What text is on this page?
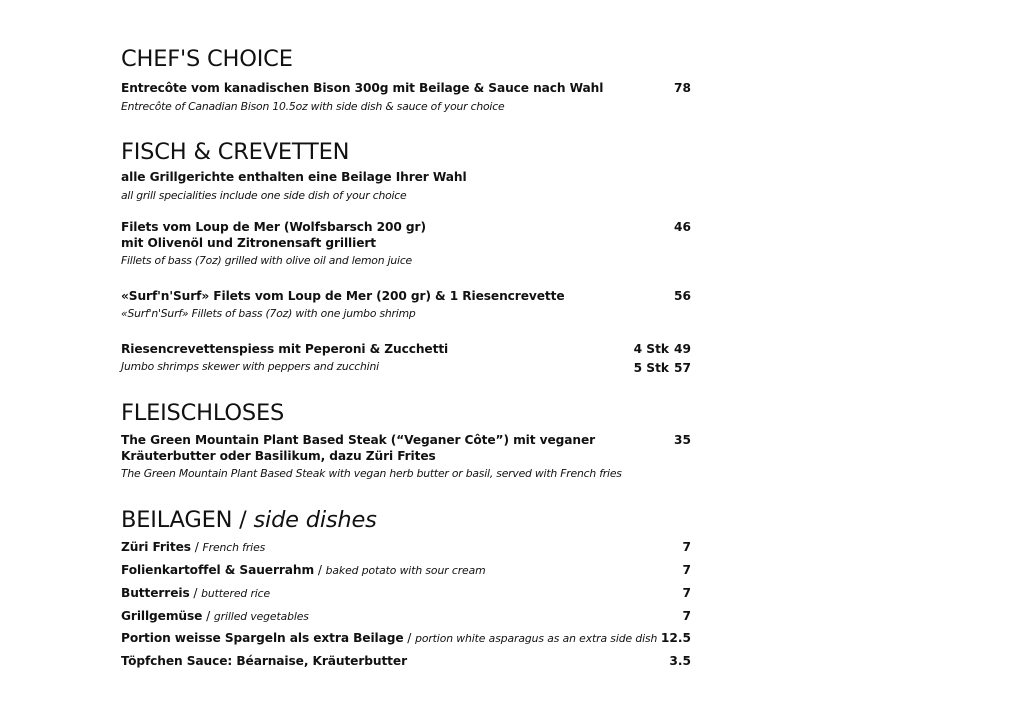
CHEF'S CHOICE
Entrecôte vom kanadischen Bison 300g mit Beilage & Sauce nach Wahl	78
Entrecôte of Canadian Bison 10.5oz with side dish & sauce of your choice
FISCH & CREVETTEN
alle Grillgerichte enthalten eine Beilage Ihrer Wahl
all grill specialities include one side dish of your choice
Filets vom Loup de Mer (Wolfsbarsch 200 gr)	46
mit Olivenöl und Zitronensaft grilliert
Fillets of bass (7oz) grilled with olive oil and lemon juice
«Surf'n'Surf» Filets vom Loup de Mer (200 gr) & 1 Riesencrevette	56
«Surf'n'Surf» Fillets of bass (7oz) with one jumbo shrimp
Riesencrevettenspiess mit Peperoni & Zucchetti	4 Stk 49
Jumbo shrimps skewer with peppers and zucchini	5 Stk 57
FLEISCHLOSES
The Green Mountain Plant Based Steak (“Veganer Côte”) mit veganer	35
Kräuterbutter oder Basilikum, dazu Züri Frites
The Green Mountain Plant Based Steak with vegan herb butter or basil, served with French fries
BEILAGEN / side dishes
Züri Frites / French fries	7
Folienkartoffel & Sauerrahm / baked potato with sour cream	7
Butterreis / buttered rice	7
Grillgemüse / grilled vegetables	7
Portion weisse Spargeln als extra Beilage / portion white asparagus as an extra side dish 12.5
Töpfchen Sauce: Béarnaise, Kräuterbutter	3.5
